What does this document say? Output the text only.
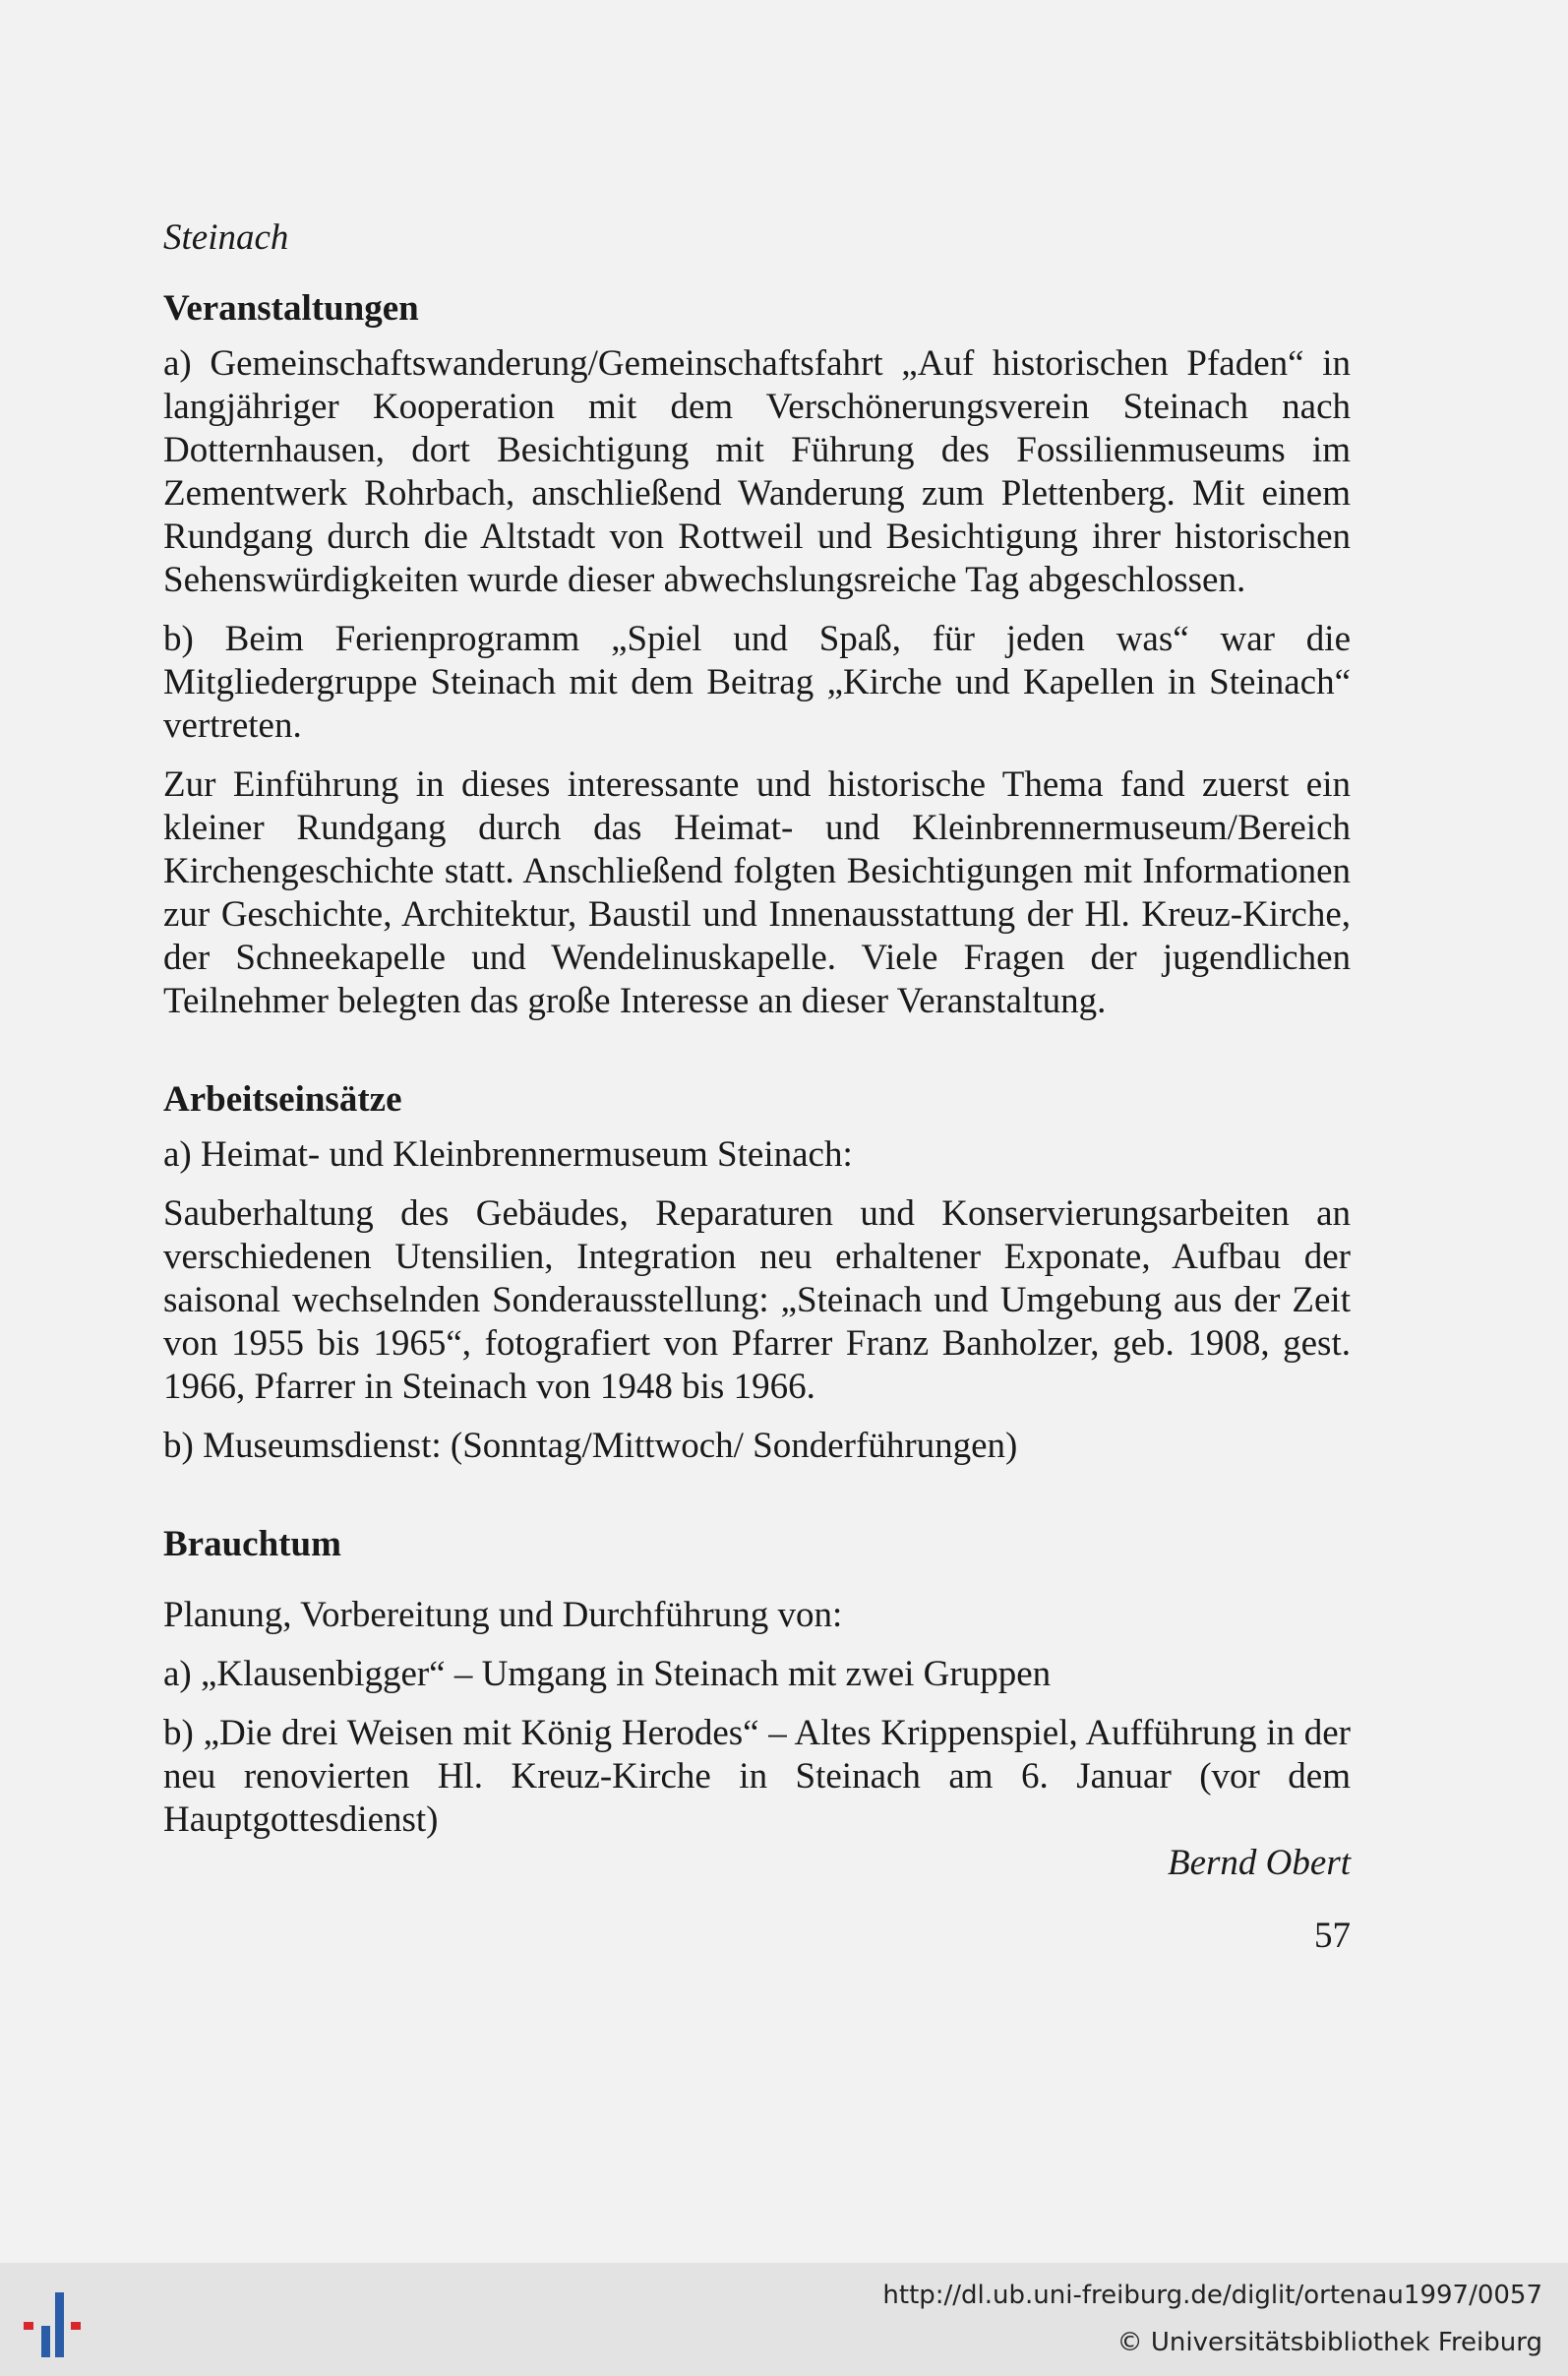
Steinach
Veranstaltungen

a) Gemeinschaftswanderung/Gemeinschaftsfahrt „Auf historischen Pfaden“ in langjähriger Kooperation mit dem Verschönerungsverein Steinach nach Dotternhausen, dort Besichtigung mit Führung des Fossilienmuseums im Zementwerk Rohrbach, anschließend Wanderung zum Plettenberg. Mit einem Rundgang durch die Altstadt von Rottweil und Besichtigung ihrer historischen Sehenswürdigkeiten wurde dieser abwechslungsreiche Tag abgeschlossen.

b) Beim Ferienprogramm „Spiel und Spaß, für jeden was“ war die Mitgliedergruppe Steinach mit dem Beitrag „Kirche und Kapellen in Steinach“ vertreten.

Zur Einführung in dieses interessante und historische Thema fand zuerst ein kleiner Rundgang durch das Heimat- und Kleinbrennermuseum/Bereich Kirchengeschichte statt. Anschließend folgten Besichtigungen mit Informationen zur Geschichte, Architektur, Baustil und Innenausstattung der Hl. Kreuz-Kirche, der Schneekapelle und Wendelinuskapelle. Viele Fragen der jugendlichen Teilnehmer belegten das große Interesse an dieser Veranstaltung.

Arbeitseinsätze

a) Heimat- und Kleinbrennermuseum Steinach:

Sauberhaltung des Gebäudes, Reparaturen und Konservierungsarbeiten an verschiedenen Utensilien, Integration neu erhaltener Exponate, Aufbau der saisonal wechselnden Sonderausstellung: „Steinach und Umgebung aus der Zeit von 1955 bis 1965“, fotografiert von Pfarrer Franz Banholzer, geb. 1908, gest. 1966, Pfarrer in Steinach von 1948 bis 1966.

b) Museumsdienst: (Sonntag/Mittwoch/ Sonderführungen)

Brauchtum

Planung, Vorbereitung und Durchführung von:

a) „Klausenbigger“ – Umgang in Steinach mit zwei Gruppen

b) „Die drei Weisen mit König Herodes“ – Altes Krippenspiel, Aufführung in der neu renovierten Hl. Kreuz-Kirche in Steinach am 6. Januar (vor dem Hauptgottesdienst)

Bernd Obert

57
http://dl.ub.uni-freiburg.de/diglit/ortenau1997/0057
© Universitätsbibliothek Freiburg
